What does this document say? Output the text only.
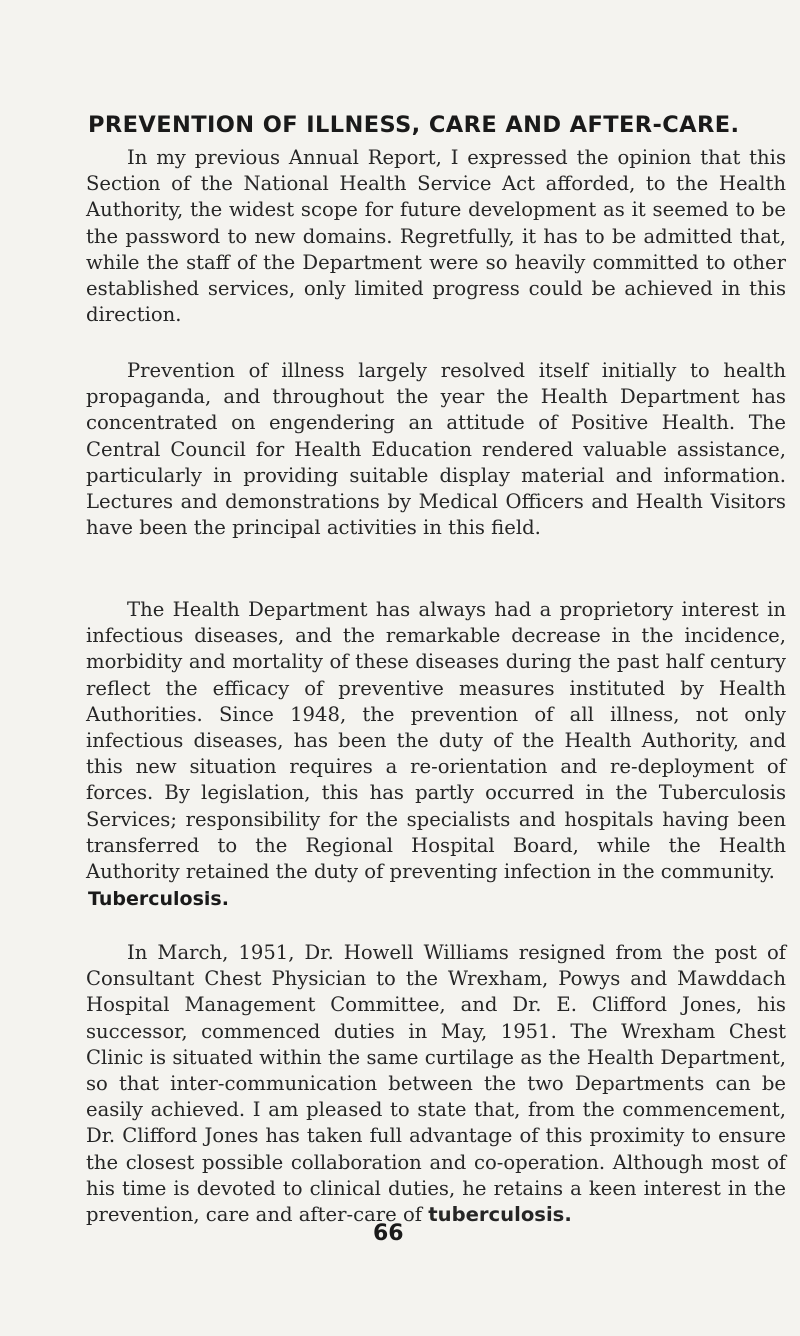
PREVENTION OF ILLNESS, CARE AND AFTER-CARE.

In my previous Annual Report, I expressed the opinion that this Section of the National Health Service Act afforded, to the Health Authority, the widest scope for future development as it seemed to be the password to new domains. Regretfully, it has to be admitted that, while the staff of the Department were so heavily committed to other established services, only limited progress could be achieved in this direction.

Prevention of illness largely resolved itself initially to health propaganda, and throughout the year the Health Department has concentrated on engendering an attitude of Positive Health. The Central Council for Health Education rendered valuable assistance, particularly in providing suitable display material and information. Lectures and demonstrations by Medical Officers and Health Visitors have been the principal activities in this field.

The Health Department has always had a proprietory interest in infectious diseases, and the remarkable decrease in the incidence, morbidity and mortality of these diseases during the past half century reflect the efficacy of preventive measures instituted by Health Authorities. Since 1948, the prevention of all illness, not only infectious diseases, has been the duty of the Health Authority, and this new situation requires a re-orientation and re-deployment of forces. By legislation, this has partly occurred in the Tuberculosis Services; responsibility for the specialists and hospitals having been transferred to the Regional Hospital Board, while the Health Authority retained the duty of preventing infection in the community.

Tuberculosis.

In March, 1951, Dr. Howell Williams resigned from the post of Consultant Chest Physician to the Wrexham, Powys and Mawddach Hospital Management Committee, and Dr. E. Clifford Jones, his successor, commenced duties in May, 1951. The Wrexham Chest Clinic is situated within the same curtilage as the Health Department, so that inter-communication between the two Departments can be easily achieved. I am pleased to state that, from the commencement, Dr. Clifford Jones has taken full advantage of this proximity to ensure the closest possible collaboration and co-operation. Although most of his time is devoted to clinical duties, he retains a keen interest in the prevention, care and after-care of tuberculosis.

66
